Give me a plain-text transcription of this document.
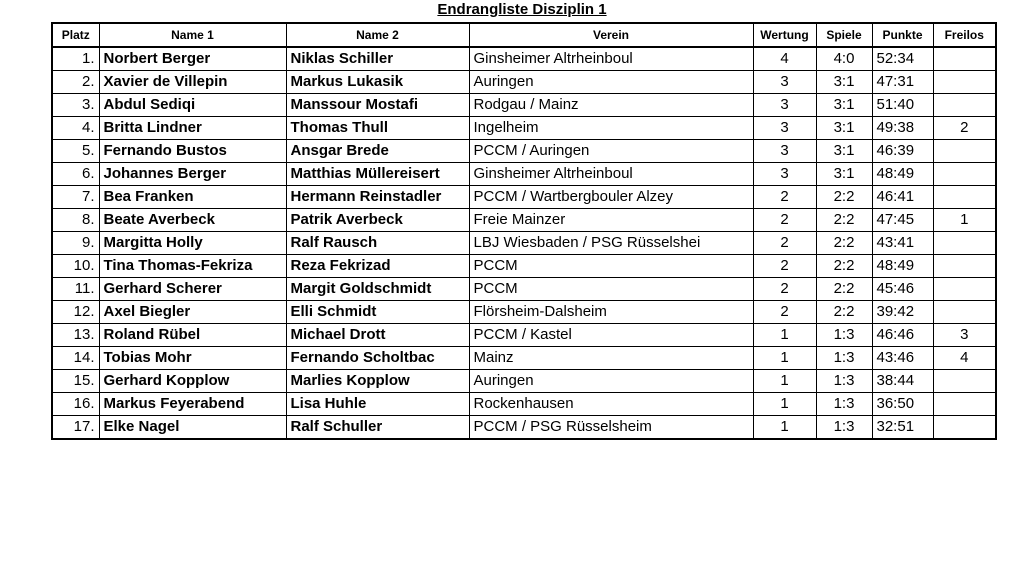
Endrangliste Disziplin 1
Platz	Name 1	Name 2	Verein	Wertung	Spiele	Punkte	Freilos
1.	Norbert Berger	Niklas Schiller	Ginsheimer Altrheinboul	4	4:0	52:34	
2.	Xavier de Villepin	Markus Lukasik	Auringen	3	3:1	47:31	
3.	Abdul Sediqi	Manssour Mostafi	Rodgau / Mainz	3	3:1	51:40	
4.	Britta Lindner	Thomas Thull	Ingelheim	3	3:1	49:38	2
5.	Fernando Bustos	Ansgar Brede	PCCM / Auringen	3	3:1	46:39	
6.	Johannes Berger	Matthias Müllereisert	Ginsheimer Altrheinboul	3	3:1	48:49	
7.	Bea Franken	Hermann Reinstadler	PCCM / Wartbergbouler Alzey	2	2:2	46:41	
8.	Beate Averbeck	Patrik Averbeck	Freie Mainzer	2	2:2	47:45	1
9.	Margitta Holly	Ralf Rausch	LBJ Wiesbaden / PSG Rüsselshei	2	2:2	43:41	
10.	Tina Thomas-Fekriza	Reza Fekrizad	PCCM	2	2:2	48:49	
11.	Gerhard Scherer	Margit Goldschmidt	PCCM	2	2:2	45:46	
12.	Axel Biegler	Elli Schmidt	Flörsheim-Dalsheim	2	2:2	39:42	
13.	Roland Rübel	Michael Drott	PCCM / Kastel	1	1:3	46:46	3
14.	Tobias Mohr	Fernando Scholtbac	Mainz	1	1:3	43:46	4
15.	Gerhard Kopplow	Marlies Kopplow	Auringen	1	1:3	38:44	
16.	Markus Feyerabend	Lisa Huhle	Rockenhausen	1	1:3	36:50	
17.	Elke Nagel	Ralf Schuller	PCCM / PSG Rüsselsheim	1	1:3	32:51	
